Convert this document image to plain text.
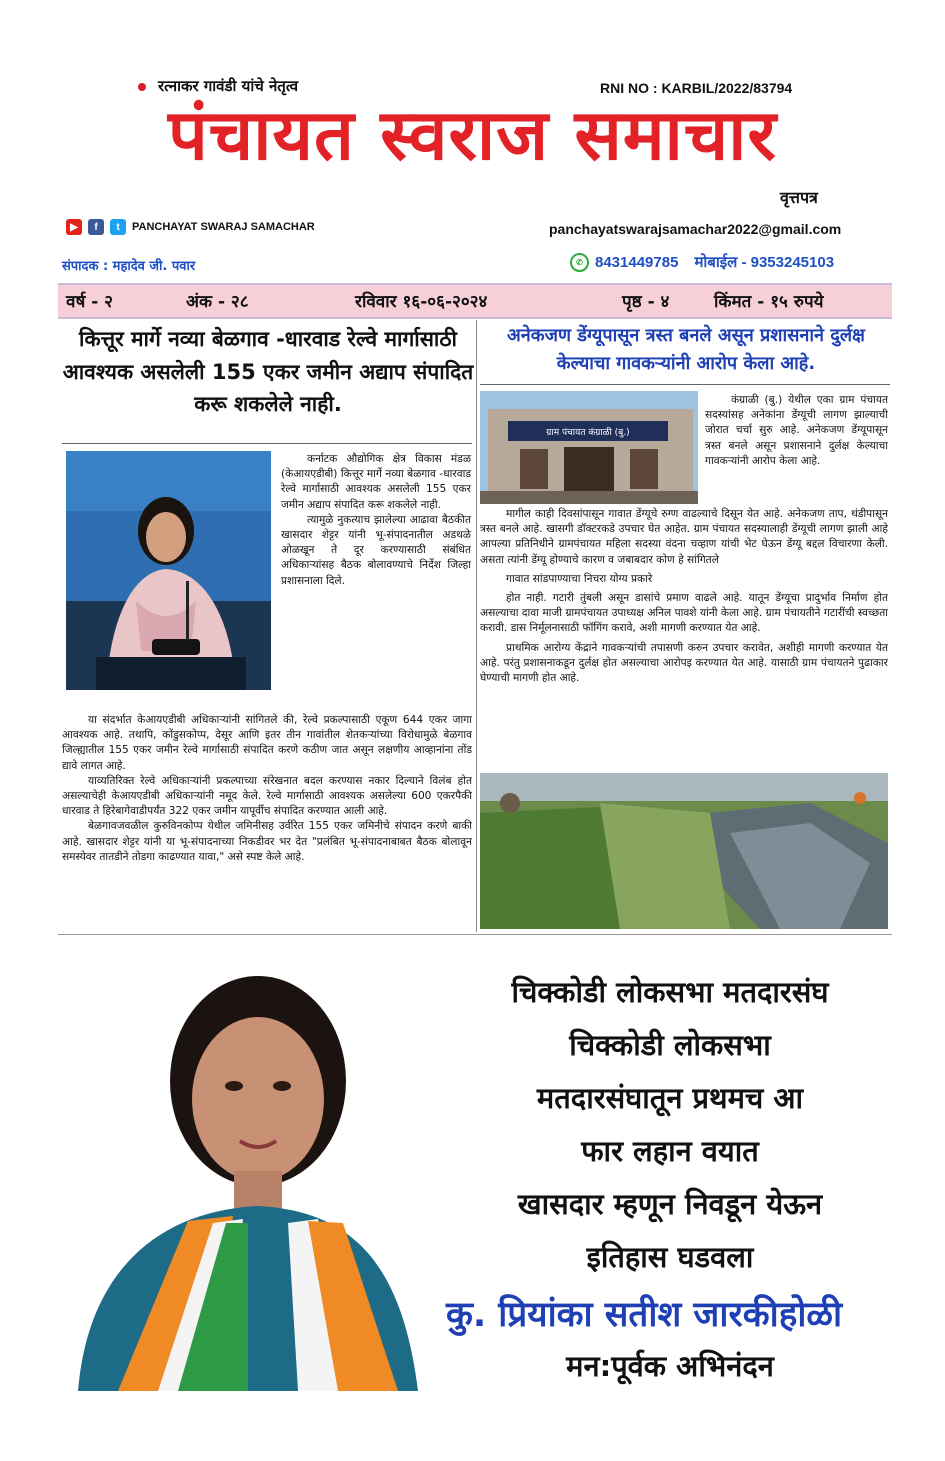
रत्नाकर गावंडी यांचे नेतृत्व	RNI NO : KARBIL/2022/83794
पंचायत स्वराज समाचार
वृत्तपत्र
▶	f	t	PANCHAYAT SWARAJ SAMACHAR	panchayatswarajsamachar2022@gmail.com
संपादक : महादेव जी. पवार	✆ 8431449785 मोबाईल - 9353245103
वर्ष - २	अंक - २८	रविवार १६-०६-२०२४	पृष्ठ - ४	किंमत - १५ रुपये
कित्तूर मार्गे नव्या बेळगाव -धारवाड रेल्वे मार्गासाठी आवश्यक असलेली 155 एकर जमीन अद्याप संपादित करू शकलेले नाही.

कर्नाटक औद्योगिक क्षेत्र विकास मंडळ (केआयएडीबी) कित्तूर मार्गे नव्या बेळगाव -धारवाड रेल्वे मार्गासाठी आवश्यक असलेली 155 एकर जमीन अद्याप संपादित करू शकलेले नाही.

त्यामुळे नुकत्याच झालेल्या आढावा बैठकीत खासदार शेट्टर यांनी भू-संपादनातील अडथळे ओळखून ते दूर करण्यासाठी संबंधित अधिकाऱ्यांसह बैठक बोलावण्याचे निर्देश जिल्हा प्रशासनाला दिले.

या संदर्भात केआयएडीबी अधिकाऱ्यांनी सांगितले की, रेल्वे प्रकल्पासाठी एकूण 644 एकर जागा आवश्यक आहे. तथापि, कोंडुसकोप्प, देसूर आणि इतर तीन गावांतील शेतकऱ्यांच्या विरोधामुळे बेळगाव जिल्ह्यातील 155 एकर जमीन रेल्वे मार्गासाठी संपादित करणे कठीण जात असून लक्षणीय आव्हानांना तोंड द्यावे लागत आहे.

याव्यतिरिक्त रेल्वे अधिकाऱ्यांनी प्रकल्पाच्या संरेखनात बदल करण्यास नकार दिल्याने विलंब होत असल्याचेही केआयएडीबी अधिकाऱ्यांनी नमूद केले. रेल्वे मार्गासाठी आवश्यक असलेल्या 600 एकरपैकी धारवाड ते हिरेबागेवाडीपर्यंत 322 एकर जमीन यापूर्वीच संपादित करण्यात आली आहे.

बेळगावजवळील कुरुविनकोप्प येथील जमिनीसह उर्वरित 155 एकर जमिनीचे संपादन करणे बाकी आहे. खासदार शेट्टर यांनी या भू-संपादनाच्या निकडीवर भर देत "प्रलंबित भू-संपादनाबाबत बैठक बोलावून समस्येवर तातडीने तोडगा काढण्यात यावा," असे स्पष्ट केले आहे.

अनेकजण डेंग्यूपासून त्रस्त बनले असून प्रशासनाने दुर्लक्ष केल्याचा गावकऱ्यांनी आरोप केला आहे.
ग्राम पंचायत कंग्राळी (बु.)

कंग्राळी (बु.) येथील एका ग्राम पंचायत सदस्यांसह अनेकांना डेंग्यूची लागण झाल्याची जोरात चर्चा सुरु आहे. अनेकजण डेंग्यूपासून त्रस्त बनले असून प्रशासनाने दुर्लक्ष केल्याचा गावकऱ्यांनी आरोप केला आहे.

मागील काही दिवसांपासून गावात डेंग्यूचे रुग्ण वाढल्याचे दिसून येत आहे. अनेकजण ताप, थंडीपासून त्रस्त बनले आहे. खासगी डॉक्टरकडे उपचार घेत आहेत. ग्राम पंचायत सदस्यालाही डेंग्यूची लागण झाली आहे आपल्या प्रतिनिधीने ग्रामपंचायत महिला सदस्या वंदना चव्हाण यांची भेट घेऊन डेंग्यू बद्दल विचारणा केली. असता त्यांनी डेंग्यू होण्याचे कारण व जबाबदार कोण हे सांगितले

गावात सांडपाण्याचा निचरा योग्य प्रकारे

होत नाही. गटारी तुंबली असून डासांचे प्रमाण वाढले आहे. यातून डेंग्यूचा प्रादुर्भाव निर्माण होत असल्याचा दावा माजी ग्रामपंचायत उपाध्यक्ष अनिल पावशे यांनी केला आहे. ग्राम पंचायतीने गटारींची स्वच्छता करावी. डास निर्मूलनासाठी फॉगिंग करावे, अशी मागणी करण्यात येत आहे.

प्राथमिक आरोग्य केंद्राने गावकऱ्यांची तपासणी करुन उपचार करावेत, अशीही मागणी करण्यात येत आहे. परंतु प्रशासनाकडून दुर्लक्ष होत असल्याचा आरोपइ करण्यात येत आहे. यासाठी ग्राम पंचायतने पुढाकार घेण्याची मागणी होत आहे.

चिक्कोडी लोकसभा मतदारसंघ
चिक्कोडी लोकसभा
मतदारसंघातून प्रथमच आ
फार लहान वयात
खासदार म्हणून निवडून येऊन
इतिहास घडवला
कु. प्रियांका सतीश जारकीहोळी
मन:पूर्वक अभिनंदन
